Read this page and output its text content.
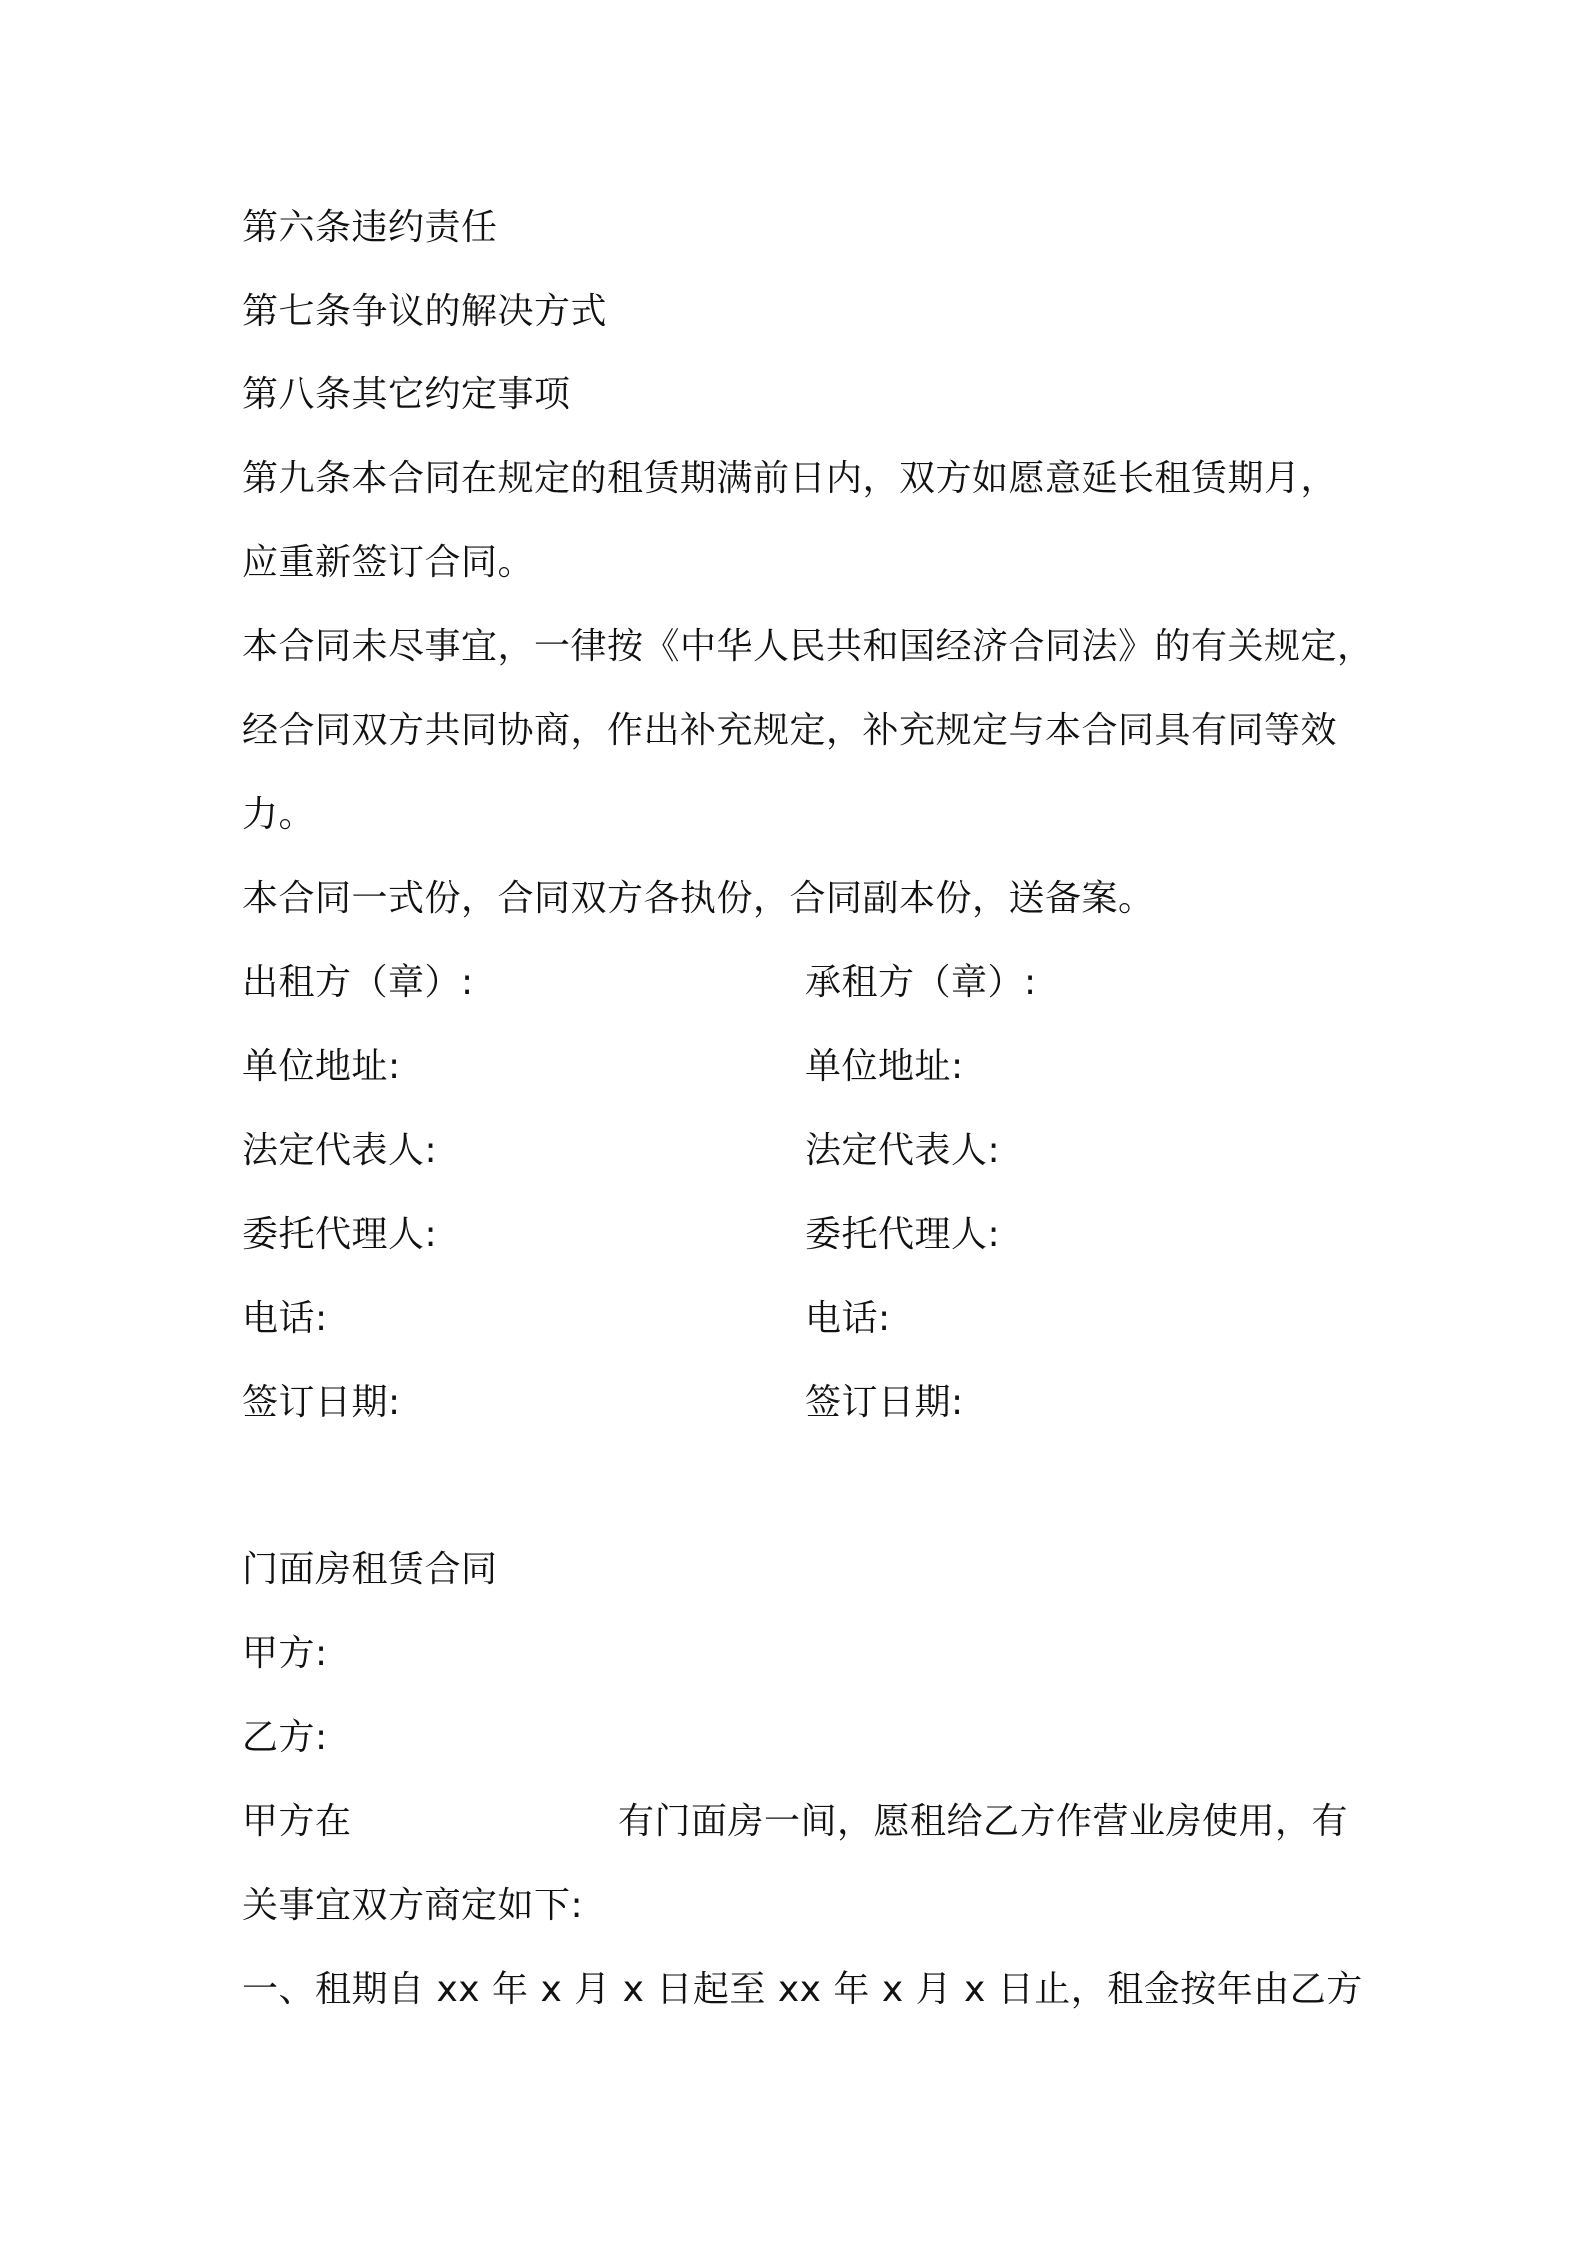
第六条违约责任
第七条争议的解决方式
第八条其它约定事项
第九条本合同在规定的租赁期满前日内，双方如愿意延长租赁期月，
应重新签订合同。
本合同未尽事宜，一律按《中华人民共和国经济合同法》的有关规定，
经合同双方共同协商，作出补充规定，补充规定与本合同具有同等效
力。
本合同一式份，合同双方各执份，合同副本份，送备案。
出租方（章）:	承租方（章）:
单位地址:	单位地址:
法定代表人:	法定代表人:
委托代理人:	委托代理人:
电话:	电话:
签订日期:	签订日期:
门面房租赁合同
甲方:
乙方:
甲方在	有门面房一间，愿租给乙方作营业房使用，有
关事宜双方商定如下:
一、租期自 xx 年 x 月 x 日起至 xx 年 x 月 x 日止，租金按年由乙方
